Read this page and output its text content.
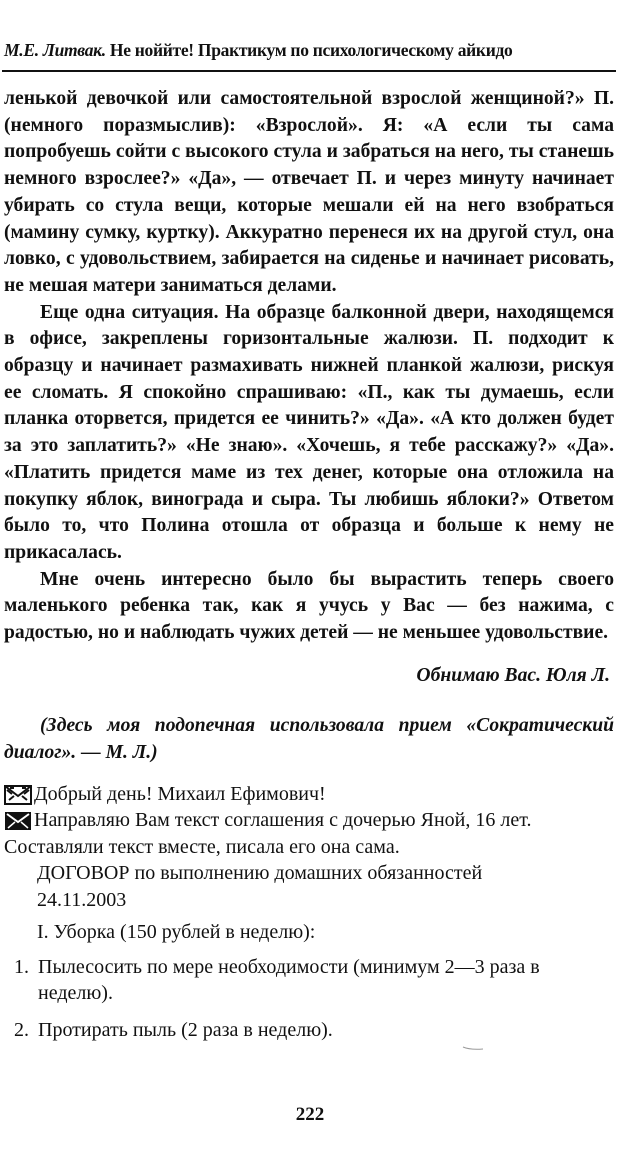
М.Е. Литвак. Не ноййте! Практикум по психологическому айкидо

ленькой девочкой или самостоятельной взрослой женщиной?» П. (немного поразмыслив): «Взрослой». Я: «А если ты сама попробуешь сойти с высокого стула и забраться на него, ты станешь немного взрослее?» «Да», — отвечает П. и через минуту начинает убирать со стула вещи, которые мешали ей на него взобраться (мамину сумку, куртку). Аккуратно перенеся их на другой стул, она ловко, с удовольствием, забирается на сиденье и начинает рисовать, не мешая матери заниматься делами.

Еще одна ситуация. На образце балконной двери, находящемся в офисе, закреплены горизонтальные жалюзи. П. подходит к образцу и начинает размахивать нижней планкой жалюзи, рискуя ее сломать. Я спокойно спрашиваю: «П., как ты думаешь, если планка оторвется, придется ее чинить?» «Да». «А кто должен будет за это заплатить?» «Не знаю». «Хочешь, я тебе расскажу?» «Да». «Платить придется маме из тех денег, которые она отложила на покупку яблок, винограда и сыра. Ты любишь яблоки?» Ответом было то, что Полина отошла от образца и больше к нему не прикасалась.

Мне очень интересно было бы вырастить теперь своего маленького ребенка так, как я учусь у Вас — без нажима, с радостью, но и наблюдать чужих детей — не меньшее удовольствие.

Обнимаю Вас. Юля Л.

(Здесь моя подопечная использовала прием «Сократический диалог». — М. Л.)

Добрый день! Михаил Ефимович!

Направляю Вам текст соглашения с дочерью Яной, 16 лет.

Составляли текст вместе, писала его она сама.

ДОГОВОР по выполнению домашних обязанностей

24.11.2003

I. Уборка (150 рублей в неделю):

1. Пылесосить по мере необходимости (минимум 2—3 раза в неделю).

2. Протирать пыль (2 раза в неделю).

222
